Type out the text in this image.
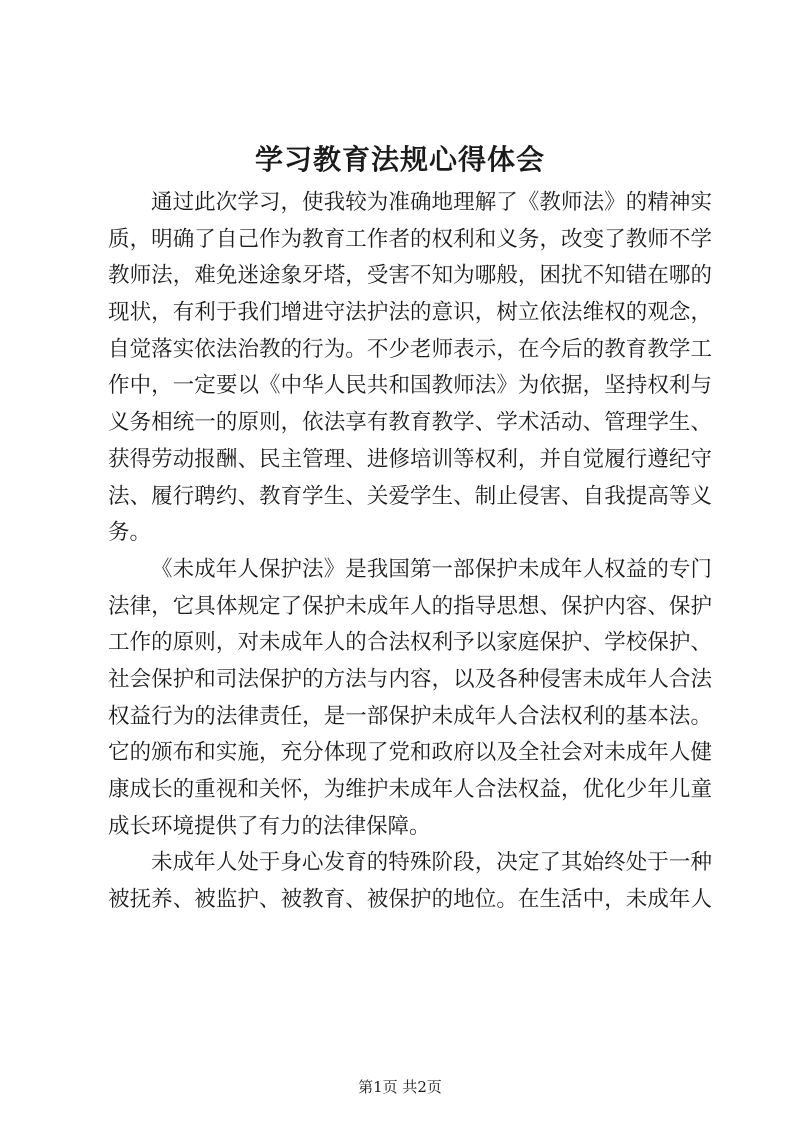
学习教育法规心得体会
通过此次学习，使我较为准确地理解了《教师法》的精神实
质，明确了自己作为教育工作者的权利和义务，改变了教师不学
教师法，难免迷途象牙塔，受害不知为哪般，困扰不知错在哪的
现状，有利于我们增进守法护法的意识，树立依法维权的观念，
自觉落实依法治教的行为。不少老师表示，在今后的教育教学工
作中，一定要以《中华人民共和国教师法》为依据，坚持权利与
义务相统一的原则，依法享有教育教学、学术活动、管理学生、
获得劳动报酬、民主管理、进修培训等权利，并自觉履行遵纪守
法、履行聘约、教育学生、关爱学生、制止侵害、自我提高等义
务。
《未成年人保护法》是我国第一部保护未成年人权益的专门
法律，它具体规定了保护未成年人的指导思想、保护内容、保护
工作的原则，对未成年人的合法权利予以家庭保护、学校保护、
社会保护和司法保护的方法与内容，以及各种侵害未成年人合法
权益行为的法律责任，是一部保护未成年人合法权利的基本法。
它的颁布和实施，充分体现了党和政府以及全社会对未成年人健
康成长的重视和关怀，为维护未成年人合法权益，优化少年儿童
成长环境提供了有力的法律保障。
未成年人处于身心发育的特殊阶段，决定了其始终处于一种
被抚养、被监护、被教育、被保护的地位。在生活中，未成年人
第1页 共2页
